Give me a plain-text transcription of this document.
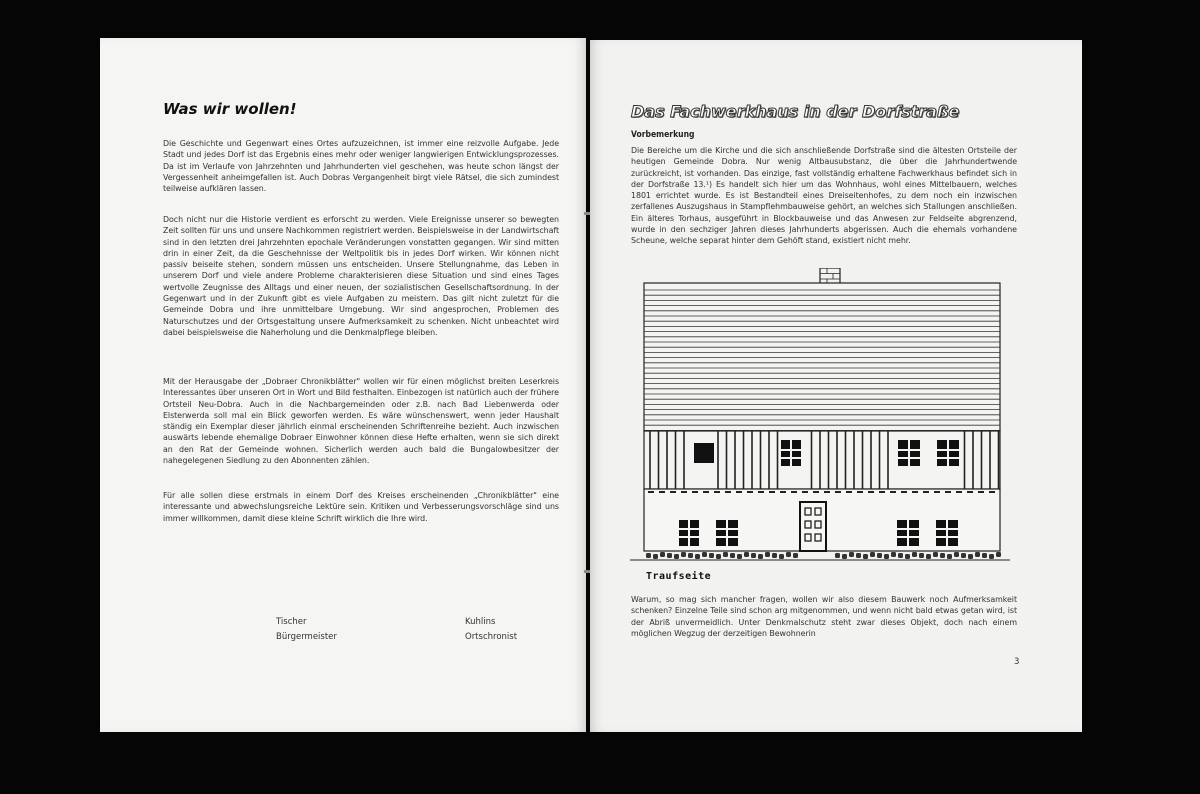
Was wir wollen!

Die Geschichte und Gegenwart eines Ortes aufzuzeichnen, ist immer eine reizvolle Aufgabe. Jede Stadt und jedes Dorf ist das Ergebnis eines mehr oder weniger langwierigen Entwicklungsprozesses. Da ist im Verlaufe von Jahrzehnten und Jahrhunderten viel geschehen, was heute schon längst der Vergessenheit anheimgefallen ist. Auch Dobras Vergangenheit birgt viele Rätsel, die sich zumindest teilweise aufklären lassen.

Doch nicht nur die Historie verdient es erforscht zu werden. Viele Ereignisse unserer so bewegten Zeit sollten für uns und unsere Nachkommen registriert werden. Beispielsweise in der Landwirtschaft sind in den letzten drei Jahrzehnten epochale Veränderungen vonstatten gegangen. Wir sind mitten drin in einer Zeit, da die Geschehnisse der Weltpolitik bis in jedes Dorf wirken. Wir können nicht passiv beiseite stehen, sondern müssen uns entscheiden. Unsere Stellungnahme, das Leben in unserem Dorf und viele andere Probleme charakterisieren diese Situation und sind eines Tages wertvolle Zeugnisse des Alltags und einer neuen, der sozialistischen Gesellschaftsordnung. In der Gegenwart und in der Zukunft gibt es viele Aufgaben zu meistern. Das gilt nicht zuletzt für die Gemeinde Dobra und ihre unmittelbare Umgebung. Wir sind angesprochen, Problemen des Naturschutzes und der Ortsgestaltung unsere Aufmerksamkeit zu schenken. Nicht unbeachtet wird dabei beispielsweise die Naherholung und die Denkmalpflege bleiben.

Mit der Herausgabe der „Dobraer Chronikblätter" wollen wir für einen möglichst breiten Leserkreis Interessantes über unseren Ort in Wort und Bild festhalten. Einbezogen ist natürlich auch der frühere Ortsteil Neu-Dobra. Auch in die Nachbargemeinden oder z.B. nach Bad Liebenwerda oder Elsterwerda soll mal ein Blick geworfen werden. Es wäre wünschenswert, wenn jeder Haushalt ständig ein Exemplar dieser jährlich einmal erscheinenden Schriftenreihe bezieht. Auch inzwischen auswärts lebende ehemalige Dobraer Einwohner können diese Hefte erhalten, wenn sie sich direkt an den Rat der Gemeinde wohnen. Sicherlich werden auch bald die Bungalowbesitzer der nahegelegenen Siedlung zu den Abonnenten zählen.

Für alle sollen diese erstmals in einem Dorf des Kreises erscheinenden „Chronikblätter" eine interessante und abwechslungsreiche Lektüre sein. Kritiken und Verbesserungsvorschläge sind uns immer willkommen, damit diese kleine Schrift wirklich die Ihre wird.

Tischer
Bürgermeister
Kuhlins
Ortschronist
Das Fachwerkhaus in der Dorfstraße
Vorbemerkung

Die Bereiche um die Kirche und die sich anschließende Dorfstraße sind die ältesten Ortsteile der heutigen Gemeinde Dobra. Nur wenig Altbausubstanz, die über die Jahrhundertwende zurückreicht, ist vorhanden. Das einzige, fast vollständig erhaltene Fachwerkhaus befindet sich in der Dorfstraße 13.¹) Es handelt sich hier um das Wohnhaus, wohl eines Mittelbauern, welches 1801 errichtet wurde. Es ist Bestandteil eines Dreiseitenhofes, zu dem noch ein inzwischen zerfallenes Auszugshaus in Stampflehmbauweise gehört, an welches sich Stallungen anschließen. Ein älteres Torhaus, ausgeführt in Blockbauweise und das Anwesen zur Feldseite abgrenzend, wurde in den sechziger Jahren dieses Jahrhunderts abgerissen. Auch die ehemals vorhandene Scheune, welche separat hinter dem Gehöft stand, existiert nicht mehr.

Traufseite

Warum, so mag sich mancher fragen, wollen wir also diesem Bauwerk noch Aufmerksamkeit schenken? Einzelne Teile sind schon arg mitgenommen, und wenn nicht bald etwas getan wird, ist der Abriß unvermeidlich. Unter Denkmalschutz steht zwar dieses Objekt, doch nach einem möglichen Wegzug der derzeitigen Bewohnerin

3
